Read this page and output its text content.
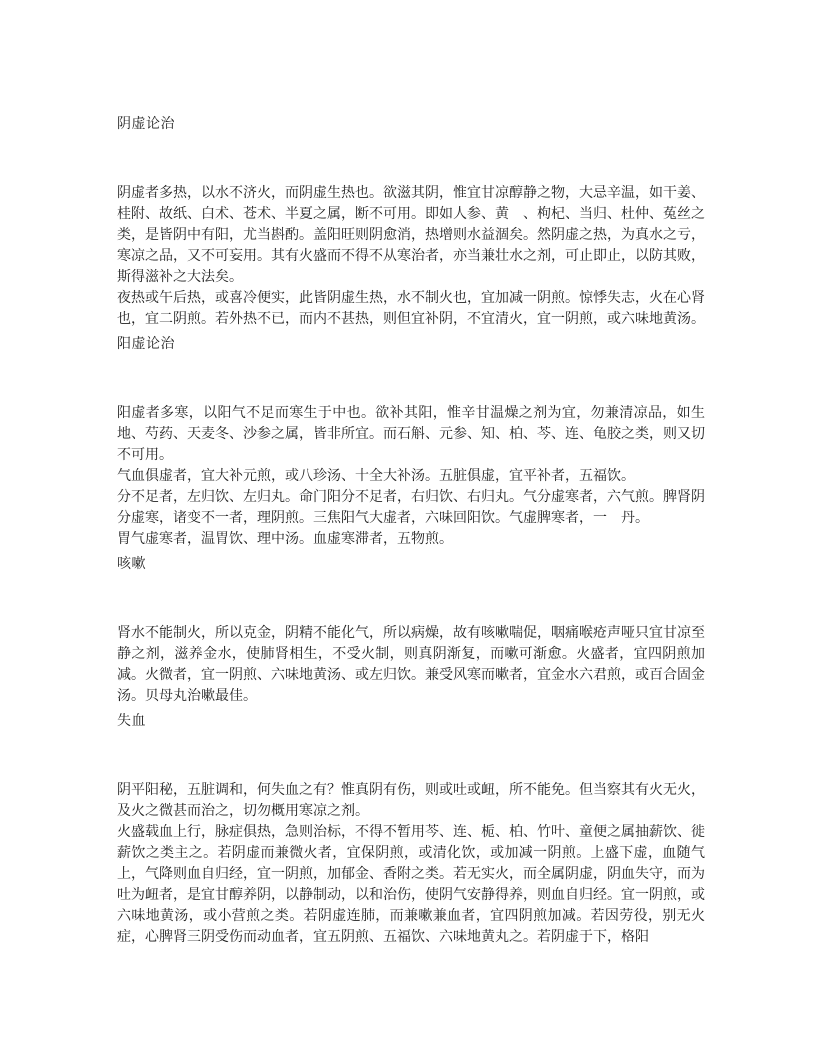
阴虚论治

阴虚者多热，以水不济火，而阴虚生热也。欲滋其阴，惟宜甘凉醇静之物，大忌辛温，如干姜、桂附、故纸、白术、苍术、半夏之属，断不可用。即如人参、黄　、枸杞、当归、杜仲、菟丝之类，是皆阴中有阳，尤当斟酌。盖阳旺则阴愈消，热增则水益涸矣。然阴虚之热，为真水之亏，寒凉之品，又不可妄用。其有火盛而不得不从寒治者，亦当兼壮水之剂，可止即止，以防其败，斯得滋补之大法矣。

夜热或午后热，或喜冷便实，此皆阴虚生热，水不制火也，宜加减一阴煎。惊悸失志，火在心肾也，宜二阴煎。若外热不已，而内不甚热，则但宜补阴，不宜清火，宜一阴煎，或六味地黄汤。

阳虚论治

阳虚者多寒，以阳气不足而寒生于中也。欲补其阳，惟辛甘温燥之剂为宜，勿兼清凉品，如生地、芍药、天麦冬、沙参之属，皆非所宜。而石斛、元参、知、柏、芩、连、龟胶之类，则又切不可用。

气血俱虚者，宜大补元煎，或八珍汤、十全大补汤。五脏俱虚，宜平补者，五福饮。

分不足者，左归饮、左归丸。命门阳分不足者，右归饮、右归丸。气分虚寒者，六气煎。脾肾阴分虚寒，诸变不一者，理阴煎。三焦阳气大虚者，六味回阳饮。气虚脾寒者，一　丹。

胃气虚寒者，温胃饮、理中汤。血虚寒滞者，五物煎。

咳嗽

肾水不能制火，所以克金，阴精不能化气，所以病燥，故有咳嗽喘促，咽痛喉疮声哑只宜甘凉至静之剂，滋养金水，使肺肾相生，不受火制，则真阴渐复，而嗽可渐愈。火盛者，宜四阴煎加减。火微者，宜一阴煎、六味地黄汤、或左归饮。兼受风寒而嗽者，宜金水六君煎，或百合固金汤。贝母丸治嗽最佳。

失血

阴平阳秘，五脏调和，何失血之有？惟真阴有伤，则或吐或衄，所不能免。但当察其有火无火，及火之微甚而治之，切勿概用寒凉之剂。

火盛载血上行，脉症俱热，急则治标，不得不暂用芩、连、栀、柏、竹叶、童便之属抽薪饮、徙薪饮之类主之。若阴虚而兼微火者，宜保阴煎，或清化饮，或加减一阴煎。上盛下虚，血随气上，气降则血自归经，宜一阴煎，加郁金、香附之类。若无实火，而全属阴虚，阴血失守，而为吐为衄者，是宜甘醇养阴，以静制动，以和治伤，使阴气安静得养，则血自归经。宜一阴煎，或六味地黄汤，或小营煎之类。若阴虚连肺，而兼嗽兼血者，宜四阴煎加减。若因劳役，别无火症，心脾肾三阴受伤而动血者，宜五阴煎、五福饮、六味地黄丸之。若阴虚于下，格阳
